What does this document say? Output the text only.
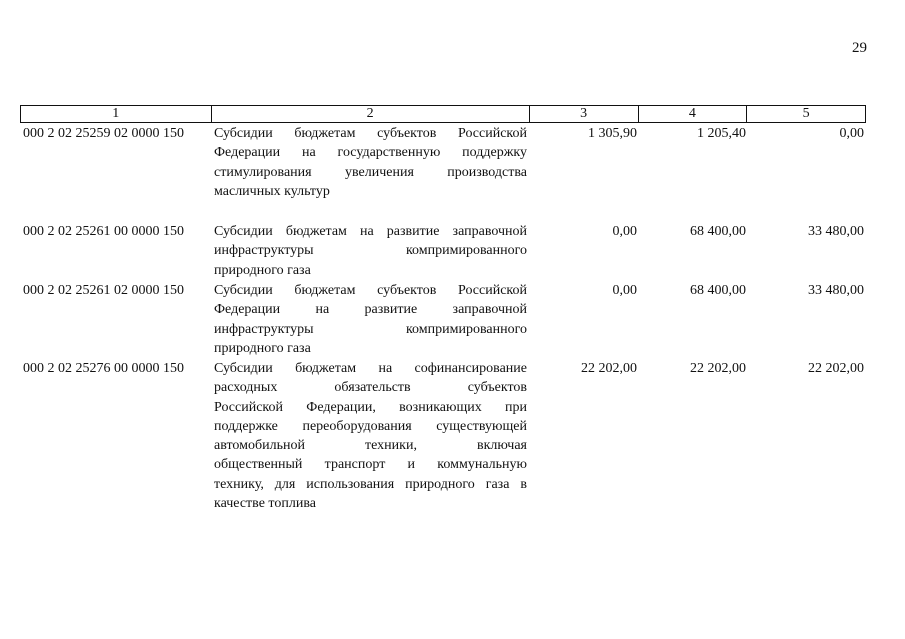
29
1	2	3	4	5
000 2 02 25259 02 0000 150	Субсидии бюджетам субъектов Российской
Федерации на государственную поддержку
стимулирования увеличения производства
масличных культур
1 305,90	1 205,40	0,00
000 2 02 25261 00 0000 150	Субсидии бюджетам на развитие заправочной
инфраструктуры компримированного
природного газа
0,00	68 400,00	33 480,00
000 2 02 25261 02 0000 150	Субсидии бюджетам субъектов Российской
Федерации на развитие заправочной
инфраструктуры компримированного
природного газа
0,00	68 400,00	33 480,00
000 2 02 25276 00 0000 150	Субсидии бюджетам на софинансирование
расходных обязательств субъектов
Российской Федерации, возникающих при
поддержке переоборудования существующей
автомобильной техники, включая
общественный транспорт и коммунальную
технику, для использования природного газа в
качестве топлива
22 202,00	22 202,00	22 202,00
